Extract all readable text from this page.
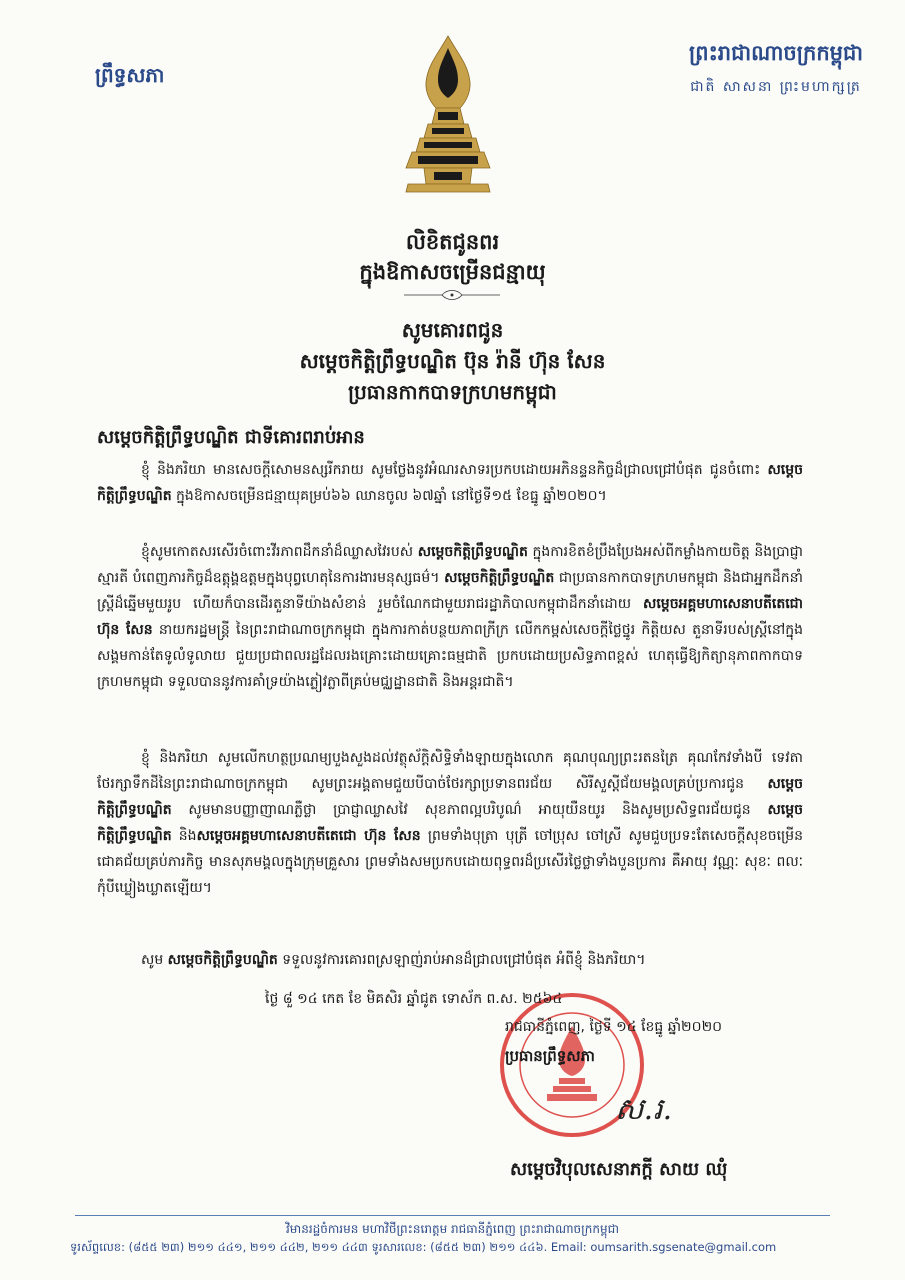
ព្រឹទ្ធសភា
ព្រះរាជាណាចក្រកម្ពុជា
ជាតិ សាសនា ព្រះមហាក្សត្រ
លិខិតជូនពរ
ក្នុងឱកាសចម្រើនជន្មាយុ
សូមគោរពជូន
សម្តេចកិត្តិព្រឹទ្ធបណ្ឌិត ប៊ុន រ៉ានី ហ៊ុន សែន
ប្រធានកាកបាទក្រហមកម្ពុជា
សម្តេចកិត្តិព្រឹទ្ធបណ្ឌិត ជាទីគោរពរាប់អាន
ខ្ញុំ និងភរិយា មានសេចក្តីសោមនស្សរីករាយ សូមថ្លែងនូវអំណរសាទរប្រកបដោយអភិនន្ទនកិច្ចដ៏ជ្រាលជ្រៅបំផុត ជូនចំពោះ សម្តេចកិត្តិព្រឹទ្ធបណ្ឌិត ក្នុងឱកាសចម្រើនជន្មាយុគម្រប់៦៦ ឈានចូល ៦៧ឆ្នាំ នៅថ្ងៃទី១៥ ខែធ្នូ ឆ្នាំ២០២០។
ខ្ញុំសូមកោតសរសើរចំពោះវីរភាពដឹកនាំដ៏ឈ្លាសវៃរបស់ សម្តេចកិត្តិព្រឹទ្ធបណ្ឌិត ក្នុងការខិតខំប្រឹងប្រែងអស់ពីកម្លាំងកាយចិត្ត និងប្រាជ្ញាស្មារតី បំពេញភារកិច្ចដ៏ឧត្តុង្គឧត្តមក្នុងបុព្វហេតុនៃការងារមនុស្សធម៌។ សម្តេចកិត្តិព្រឹទ្ធបណ្ឌិត ជាប្រធានកាកបាទក្រហមកម្ពុជា និងជាអ្នកដឹកនាំស្ត្រីដ៏ឆ្នើមមួយរូប ហើយក៏បានដើរតួនាទីយ៉ាងសំខាន់ រួមចំណែកជាមួយរាជរដ្ឋាភិបាលកម្ពុជាដឹកនាំដោយ សម្តេចអគ្គមហាសេនាបតីតេជោ ហ៊ុន សែន នាយករដ្ឋមន្ត្រី នៃព្រះរាជាណាចក្រកម្ពុជា ក្នុងការកាត់បន្ថយភាពក្រីក្រ លើកកម្ពស់សេចក្តីថ្លៃថ្នូរ កិត្តិយស តួនាទីរបស់ស្ត្រីនៅក្នុងសង្គមកាន់តែទូលំទូលាយ ជួយប្រជាពលរដ្ឋដែលរងគ្រោះដោយគ្រោះធម្មជាតិ ប្រកបដោយប្រសិទ្ធភាពខ្ពស់ ហេតុធ្វើឱ្យកិត្យានុភាពកាកបាទក្រហមកម្ពុជា ទទួលបាននូវការគាំទ្រយ៉ាងភ្លៀវភ្លាពីគ្រប់មជ្ឈដ្ឋានជាតិ និងអន្តរជាតិ។
ខ្ញុំ និងភរិយា សូមលើកហត្ថប្រណម្យបួងសួងដល់វត្ថុស័ក្តិសិទ្ធិទាំងឡាយក្នុងលោក គុណបុណ្យព្រះរតនត្រៃ គុណកែវទាំងបី ទេវតាថែរក្សាទឹកដីនៃព្រះរាជាណាចក្រកម្ពុជា សូមព្រះអង្គតាមជួយបីបាច់ថែរក្សាប្រទានពរជ័យ សិរីសួស្តីជ័យមង្គលគ្រប់ប្រការជូន សម្តេចកិត្តិព្រឹទ្ធបណ្ឌិត សូមមានបញ្ញាញាណភ្លឺថ្លា ប្រាជ្ញាឈ្លាសវៃ សុខភាពល្អបរិបូណ៌ អាយុយឺនយូរ និងសូមប្រសិទ្ធពរជ័យជូន សម្តេចកិត្តិព្រឹទ្ធបណ្ឌិត និងសម្តេចអគ្គមហាសេនាបតីតេជោ ហ៊ុន សែន ព្រមទាំងបុត្រា បុត្រី ចៅប្រុស ចៅស្រី សូមជួបប្រទះតែសេចក្តីសុខចម្រើន ជោគជ័យគ្រប់ភារកិច្ច មានសុភមង្គលក្នុងក្រុមគ្រួសារ ព្រមទាំងសមប្រកបដោយពុទ្ធពរដ៏ប្រសើរថ្លៃថ្លាទាំងបួនប្រការ គឺអាយុ វណ្ណៈ សុខៈ ពលៈ កុំបីឃ្លៀងឃ្លាតឡើយ។
សូម សម្តេចកិត្តិព្រឹទ្ធបណ្ឌិត ទទួលនូវការគោរពស្រឡាញ់រាប់អានដ៏ជ្រាលជ្រៅបំផុត អំពីខ្ញុំ និងភរិយា។
ថ្ងៃ ៨ួ ១៤ កេត ខែ មិគសិរ ឆ្នាំជូត ទោស័ក ព.ស. ២៥៦៤
រាជធានីភ្នំពេញ, ថ្ងៃទី ១៤ ខែធ្នូ ឆ្នាំ២០២០
ប្រធានព្រឹទ្ធសភា
ស.រ.
សម្តេចវិបុលសេនាភក្តី សាយ ឈុំ
វិមានរដ្ឋចំការមន មហាវិថីព្រះនរោត្តម រាជធានីភ្នំពេញ ព្រះរាជាណាចក្រកម្ពុជា
ទូរស័ព្ទលេខ: (៨៥៥ ២៣) ២១១ ៤៤១, ២១១ ៤៤២, ២១១ ៤៤៣ ទូរសារលេខ: (៨៥៥ ២៣) ២១១ ៤៤៦. Email: oumsarith.sgsenate@gmail.com
